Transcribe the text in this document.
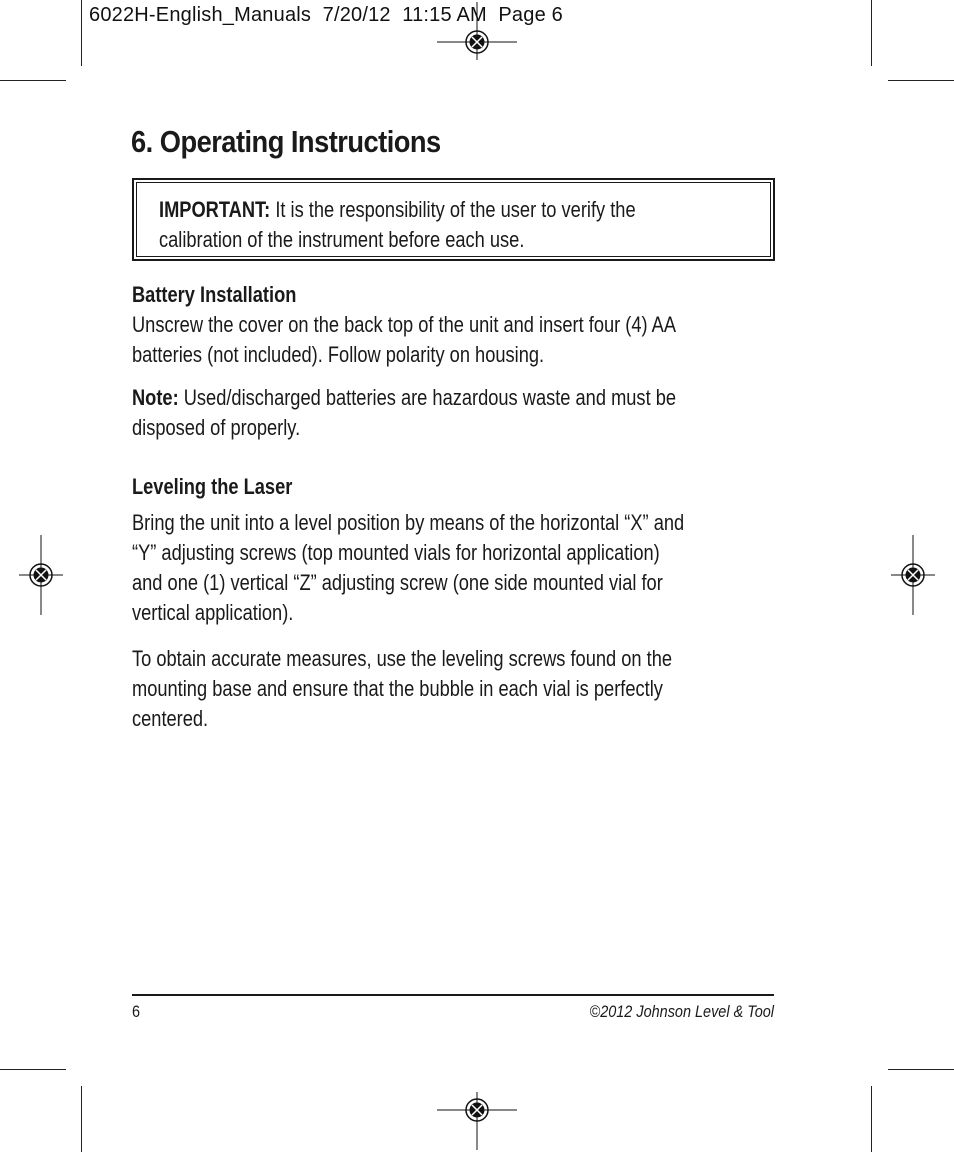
6022H-English_Manuals  7/20/12  11:15 AM  Page 6
6. Operating Instructions
IMPORTANT: It is the responsibility of the user to verify the
calibration of the instrument before each use.
Battery Installation
Unscrew the cover on the back top of the unit and insert four (4) AA
batteries (not included). Follow polarity on housing.
Note: Used/discharged batteries are hazardous waste and must be
disposed of properly.
Leveling the Laser
Bring the unit into a level position by means of the horizontal “X” and
“Y” adjusting screws (top mounted vials for horizontal application)
and one (1) vertical “Z” adjusting screw (one side mounted vial for
vertical application).
To obtain accurate measures, use the leveling screws found on the
mounting base and ensure that the bubble in each vial is perfectly
centered.
6	©2012 Johnson Level & Tool
